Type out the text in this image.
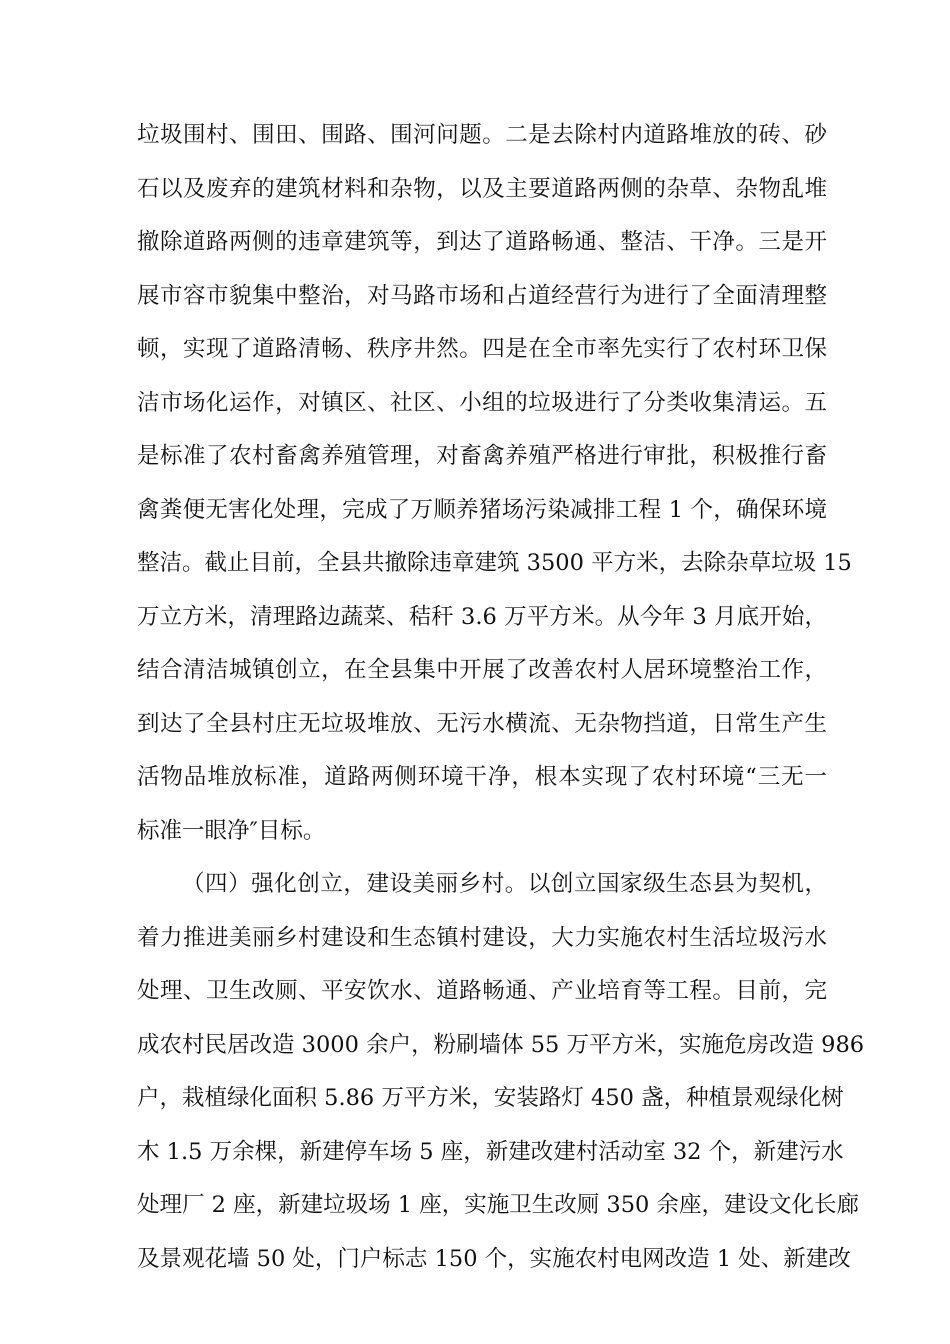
垃圾围村、围田、围路、围河问题。二是去除村内道路堆放的砖、砂
石以及废弃的建筑材料和杂物，以及主要道路两侧的杂草、杂物乱堆
撤除道路两侧的违章建筑等，到达了道路畅通、整洁、干净。三是开
展市容市貌集中整治，对马路市场和占道经营行为进行了全面清理整
顿，实现了道路清畅、秩序井然。四是在全市率先实行了农村环卫保
洁市场化运作，对镇区、社区、小组的垃圾进行了分类收集清运。五
是标准了农村畜禽养殖管理，对畜禽养殖严格进行审批，积极推行畜
禽粪便无害化处理，完成了万顺养猪场污染减排工程 1 个，确保环境
整洁。截止目前，全县共撤除违章建筑 3500 平方米，去除杂草垃圾 15
万立方米，清理路边蔬菜、秸秆 3.6 万平方米。从今年 3 月底开始，
结合清洁城镇创立，在全县集中开展了改善农村人居环境整治工作，
到达了全县村庄无垃圾堆放、无污水横流、无杂物挡道，日常生产生
活物品堆放标准，道路两侧环境干净，根本实现了农村环境“三无一
标准一眼净″目标。
（四）强化创立，建设美丽乡村。以创立国家级生态县为契机，
着力推进美丽乡村建设和生态镇村建设，大力实施农村生活垃圾污水
处理、卫生改厕、平安饮水、道路畅通、产业培育等工程。目前，完
成农村民居改造 3000 余户，粉刷墙体 55 万平方米，实施危房改造 986
户，栽植绿化面积 5.86 万平方米，安装路灯 450 盏，种植景观绿化树
木 1.5 万余棵，新建停车场 5 座，新建改建村活动室 32 个，新建污水
处理厂 2 座，新建垃圾场 1 座，实施卫生改厕 350 余座，建设文化长廊
及景观花墙 50 处，门户标志 150 个，实施农村电网改造 1 处、新建改
